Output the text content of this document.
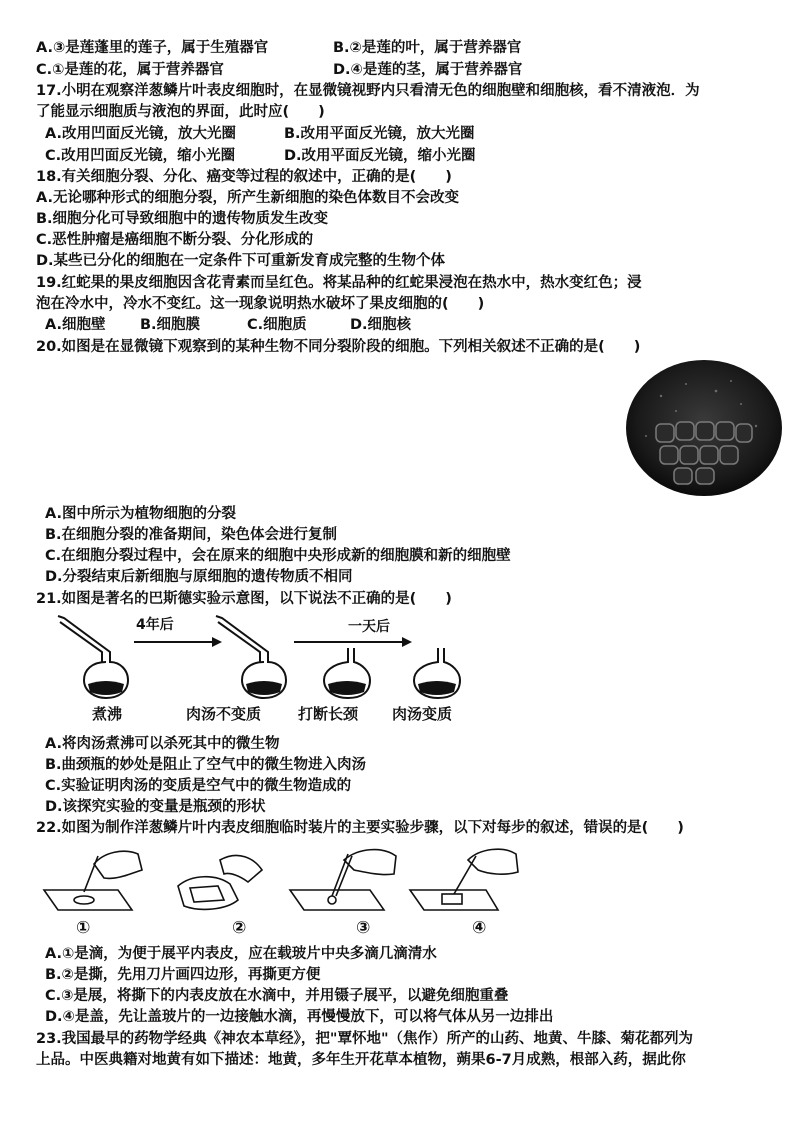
A.③是莲蓬里的莲子，属于生殖器官	B.②是莲的叶，属于营养器官
C.①是莲的花，属于营养器官	D.④是莲的茎，属于营养器官
17.小明在观察洋葱鳞片叶表皮细胞时，在显微镜视野内只看清无色的细胞壁和细胞核，看不清液泡．为
了能显示细胞质与液泡的界面，此时应(　　)
A.改用凹面反光镜，放大光圈	B.改用平面反光镜，放大光圈
C.改用凹面反光镜，缩小光圈	D.改用平面反光镜，缩小光圈
18.有关细胞分裂、分化、癌变等过程的叙述中，正确的是(　　)
A.无论哪种形式的细胞分裂，所产生新细胞的染色体数目不会改变
B.细胞分化可导致细胞中的遗传物质发生改变
C.恶性肿瘤是癌细胞不断分裂、分化形成的
D.某些已分化的细胞在一定条件下可重新发育成完整的生物个体
19.红蛇果的果皮细胞因含花青素而呈红色。将某品种的红蛇果浸泡在热水中，热水变红色；浸
泡在冷水中，冷水不变红。这一现象说明热水破坏了果皮细胞的(　　)
A.细胞壁 B.细胞膜	C.细胞质	D.细胞核
20.如图是在显微镜下观察到的某种生物不同分裂阶段的细胞。下列相关叙述不正确的是(　　)
A.图中所示为植物细胞的分裂
B.在细胞分裂的准备期间，染色体会进行复制
C.在细胞分裂过程中，会在原来的细胞中央形成新的细胞膜和新的细胞壁
D.分裂结束后新细胞与原细胞的遗传物质不相同
21.如图是著名的巴斯德实验示意图，以下说法不正确的是(　　)
4年后	一天后
煮沸	肉汤不变质 打断长颈 肉汤变质
A.将肉汤煮沸可以杀死其中的微生物
B.曲颈瓶的妙处是阻止了空气中的微生物进入肉汤
C.实验证明肉汤的变质是空气中的微生物造成的
D.该探究实验的变量是瓶颈的形状
22.如图为制作洋葱鳞片叶内表皮细胞临时装片的主要实验步骤，以下对每步的叙述，错误的是(　　)
①	②	③	④
A.①是滴，为便于展平内表皮，应在载玻片中央多滴几滴清水
B.②是撕，先用刀片画四边形，再撕更方便
C.③是展，将撕下的内表皮放在水滴中，并用镊子展平，以避免细胞重叠
D.④是盖，先让盖玻片的一边接触水滴，再慢慢放下，可以将气体从另一边排出
23.我国最早的药物学经典《神农本草经》，把"覃怀地"（焦作）所产的山药、地黄、牛膝、菊花都列为
上品。中医典籍对地黄有如下描述：地黄，多年生开花草本植物，蒴果6-7月成熟，根部入药，据此你
